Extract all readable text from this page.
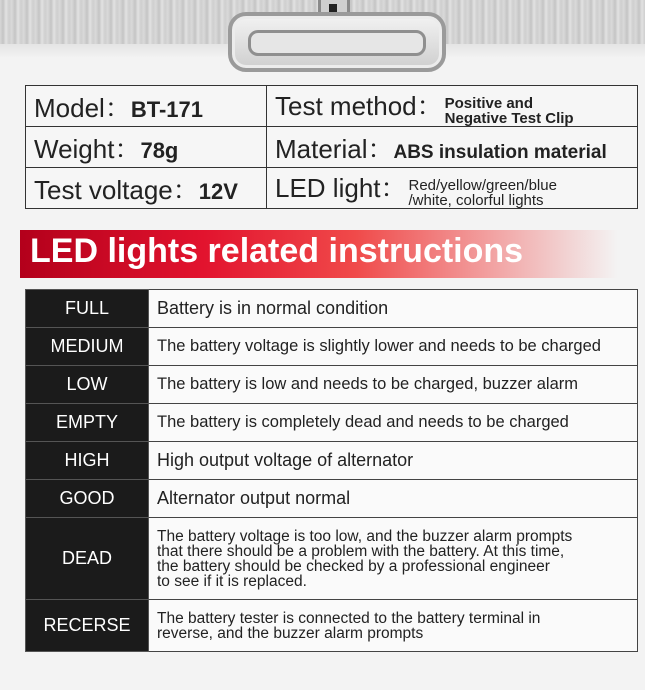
Model：BT-171	Test method： Positive and
Negative Test Clip
Weight：78g	Material：ABS insulation material
Test voltage：12V	LED light： Red/yellow/green/blue
/white, colorful lights
LED lights related instructions
FULL	Battery is in normal condition
MEDIUM	The battery voltage is slightly lower and needs to be charged
LOW	The battery is low and needs to be charged, buzzer alarm
EMPTY	The battery is completely dead and needs to be charged
HIGH	High output voltage of alternator
GOOD	Alternator output normal
DEAD	The battery voltage is too low, and the buzzer alarm prompts
that there should be a problem with the battery. At this time,
the battery should be checked by a professional engineer
to see if it is replaced.
RECERSE	The battery tester is connected to the battery terminal in
reverse, and the buzzer alarm prompts
